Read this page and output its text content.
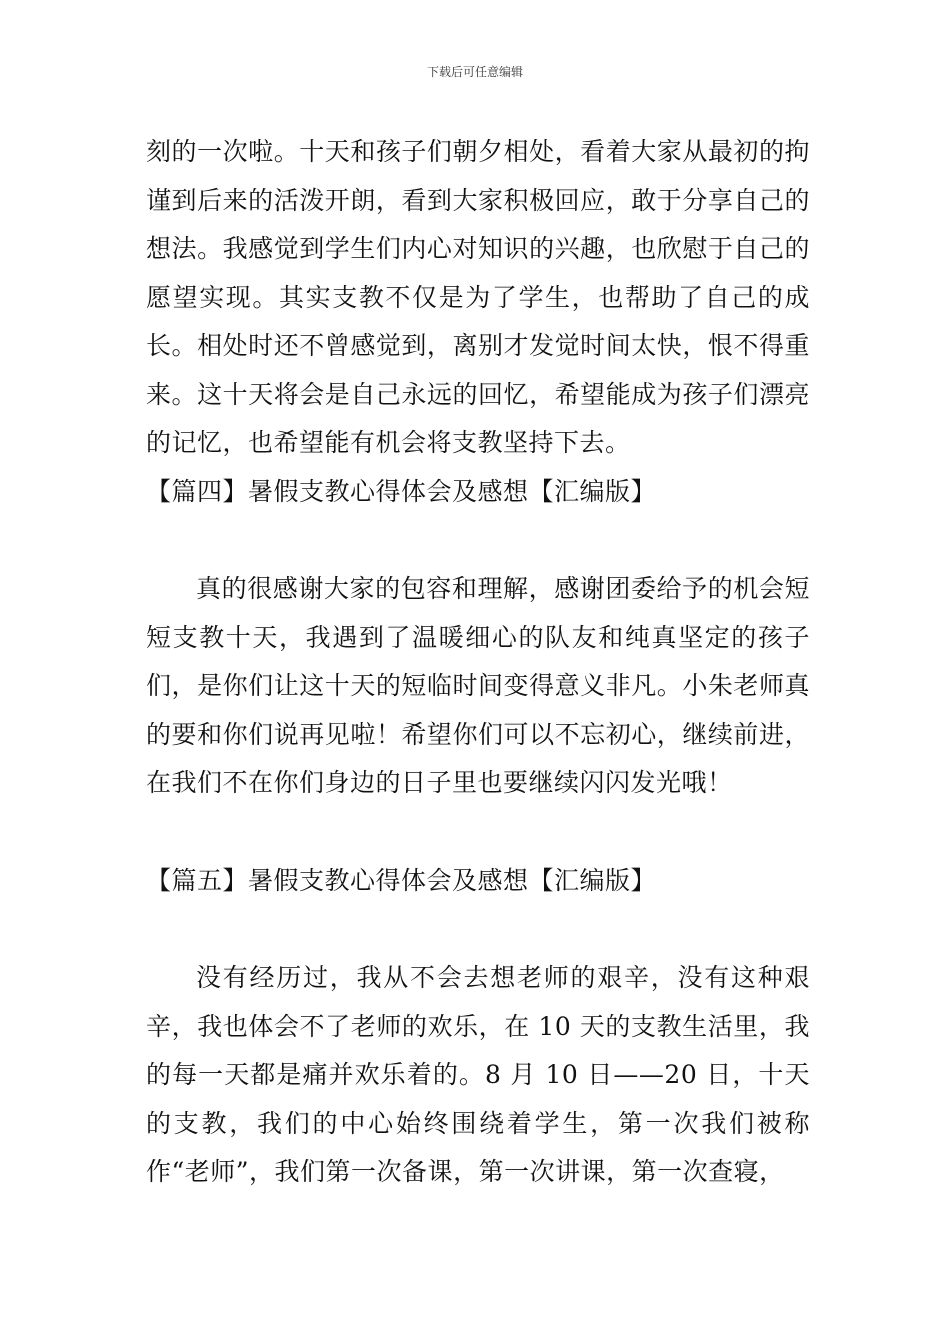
下载后可任意编辑

刻的一次啦。十天和孩子们朝夕相处，看着大家从最初的拘谨到后来的活泼开朗，看到大家积极回应，敢于分享自己的想法。我感觉到学生们内心对知识的兴趣，也欣慰于自己的愿望实现。其实支教不仅是为了学生，也帮助了自己的成长。相处时还不曾感觉到，离别才发觉时间太快，恨不得重来。这十天将会是自己永远的回忆，希望能成为孩子们漂亮的记忆，也希望能有机会将支教坚持下去。

【篇四】暑假支教心得体会及感想【汇编版】

真的很感谢大家的包容和理解，感谢团委给予的机会短短支教十天，我遇到了温暖细心的队友和纯真坚定的孩子们，是你们让这十天的短临时间变得意义非凡。小朱老师真的要和你们说再见啦！希望你们可以不忘初心，继续前进，在我们不在你们身边的日子里也要继续闪闪发光哦！

【篇五】暑假支教心得体会及感想【汇编版】

没有经历过，我从不会去想老师的艰辛，没有这种艰辛，我也体会不了老师的欢乐，在 10 天的支教生活里，我的每一天都是痛并欢乐着的。8 月 10 日——20 日，十天的支教，我们的中心始终围绕着学生，第一次我们被称作“老师”，我们第一次备课，第一次讲课，第一次查寝，
